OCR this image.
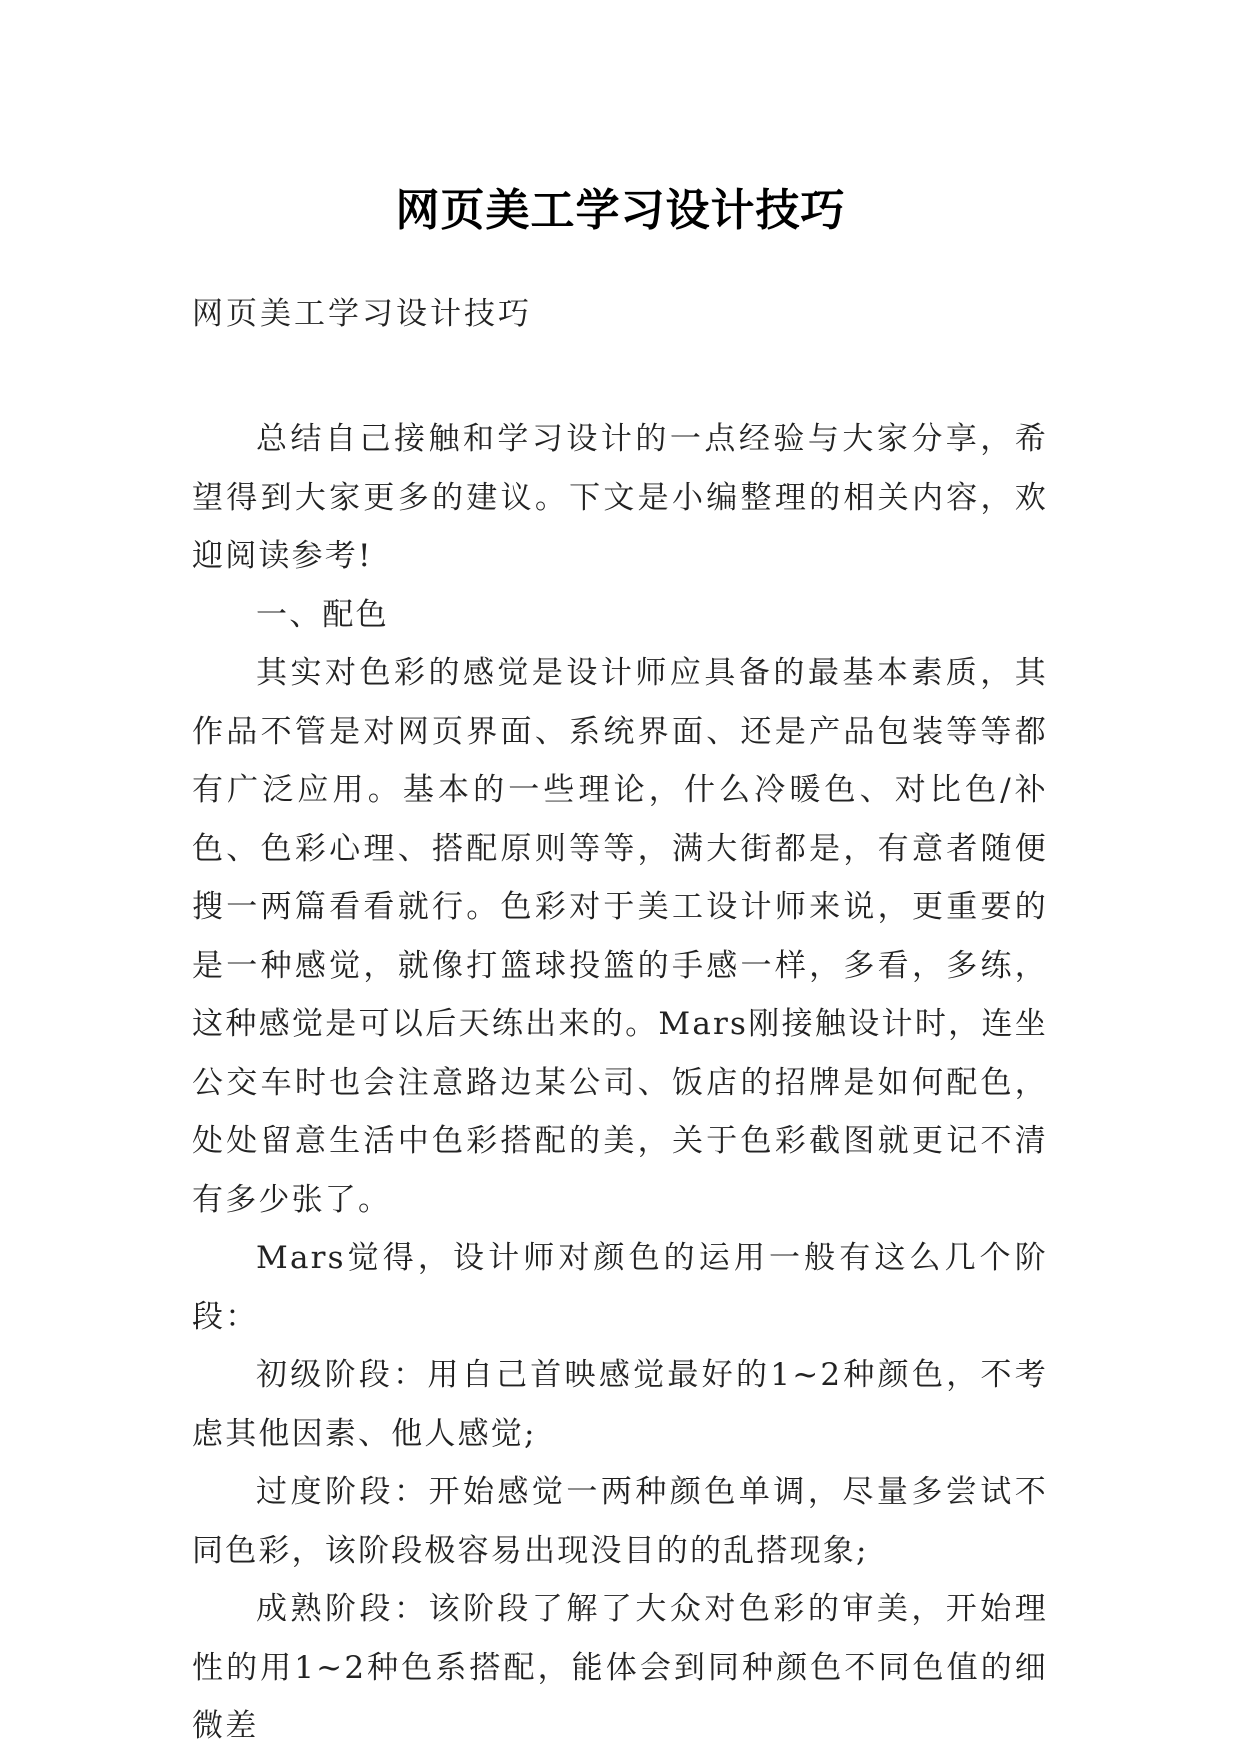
网页美工学习设计技巧
网页美工学习设计技巧

总结自己接触和学习设计的一点经验与大家分享，希望得到大家更多的建议。下文是小编整理的相关内容，欢迎阅读参考!

一、配色

其实对色彩的感觉是设计师应具备的最基本素质，其作品不管是对网页界面、系统界面、还是产品包装等等都有广泛应用。基本的一些理论，什么冷暖色、对比色/补色、色彩心理、搭配原则等等，满大街都是，有意者随便搜一两篇看看就行。色彩对于美工设计师来说，更重要的是一种感觉，就像打篮球投篮的手感一样，多看，多练，这种感觉是可以后天练出来的。Mars刚接触设计时，连坐公交车时也会注意路边某公司、饭店的招牌是如何配色，处处留意生活中色彩搭配的美，关于色彩截图就更记不清有多少张了。

Mars觉得，设计师对颜色的运用一般有这么几个阶段：

初级阶段：用自己首映感觉最好的1~2种颜色，不考虑其他因素、他人感觉;

过度阶段：开始感觉一两种颜色单调，尽量多尝试不同色彩，该阶段极容易出现没目的的乱搭现象;

成熟阶段：该阶段了解了大众对色彩的审美，开始理性的用1~2种色系搭配，能体会到同种颜色不同色值的细微差
